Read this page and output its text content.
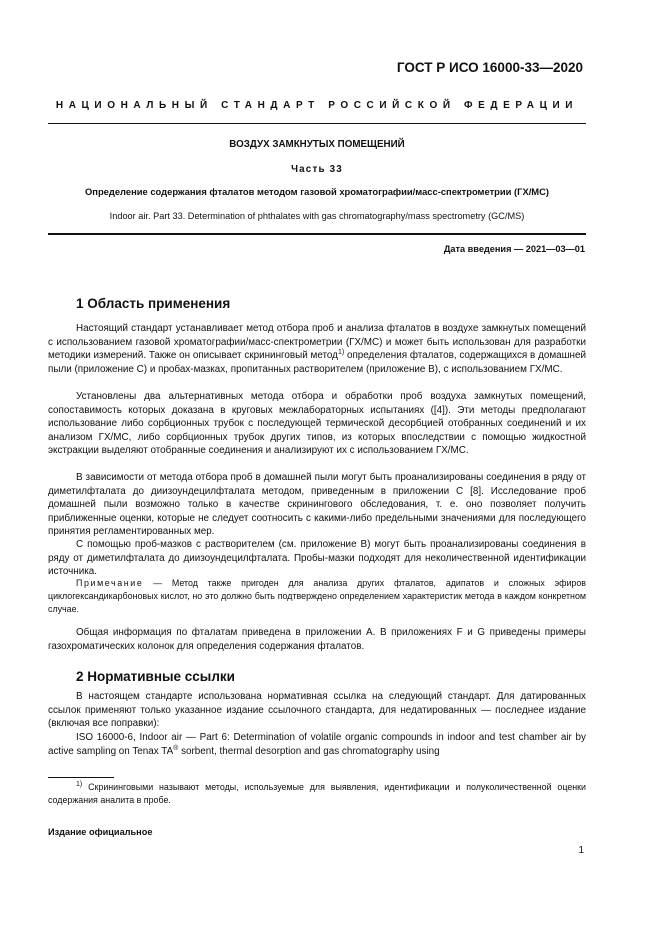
ГОСТ Р ИСО 16000-33—2020
НАЦИОНАЛЬНЫЙ СТАНДАРТ РОССИЙСКОЙ ФЕДЕРАЦИИ
ВОЗДУХ ЗАМКНУТЫХ ПОМЕЩЕНИЙ
Часть 33
Определение содержания фталатов методом газовой хроматографии/масс-спектрометрии (ГХ/МС)
Indoor air. Part 33. Determination of phthalates with gas chromatography/mass spectrometry (GC/MS)
Дата введения — 2021—03—01
1 Область применения

Настоящий стандарт устанавливает метод отбора проб и анализа фталатов в воздухе замкнутых помещений с использованием газовой хроматографии/масс-спектрометрии (ГХ/МС) и может быть использован для разработки методики измерений. Также он описывает скрининговый метод$^{1)}$ определения фталатов, содержащихся в домашней пыли (приложение С) и пробах-мазках, пропитанных растворителем (приложение В), с использованием ГХ/МС.

Установлены два альтернативных метода отбора и обработки проб воздуха замкнутых помещений, сопоставимость которых доказана в круговых межлабораторных испытаниях ([4]). Эти методы предполагают использование либо сорбционных трубок с последующей термической десорбцией отобранных соединений и их анализом ГХ/МС, либо сорбционных трубок других типов, из которых впоследствии с помощью жидкостной экстракции выделяют отобранные соединения и анализируют их с использованием ГХ/МС.

В зависимости от метода отбора проб в домашней пыли могут быть проанализированы соединения в ряду от диметилфталата до диизоундецилфталата методом, приведенным в приложении С [8]. Исследование проб домашней пыли возможно только в качестве скринингового обследования, т. е. оно позволяет получить приближенные оценки, которые не следует соотносить с какими-либо предельными значениями для последующего принятия регламентированных мер.

С помощью проб-мазков с растворителем (см. приложение В) могут быть проанализированы соединения в ряду от диметилфталата до диизоундецилфталата. Пробы-мазки подходят для неколичественной идентификации источника.

Примечание — Метод также пригоден для анализа других фталатов, адипатов и сложных эфиров циклогександикарбоновых кислот, но это должно быть подтверждено определением характеристик метода в каждом конкретном случае.

Общая информация по фталатам приведена в приложении А. В приложениях F и G приведены примеры газохроматических колонок для определения содержания фталатов.

2 Нормативные ссылки

В настоящем стандарте использована нормативная ссылка на следующий стандарт. Для датированных ссылок применяют только указанное издание ссылочного стандарта, для недатированных — последнее издание (включая все поправки):

ISO 16000-6, Indoor air — Part 6: Determination of volatile organic compounds in indoor and test chamber air by active sampling on Tenax TA® sorbent, thermal desorption and gas chromatography using

$^{1)}$ Скрининговыми называют методы, используемые для выявления, идентификации и полуколичественной оценки содержания аналита в пробе.

Издание официальное
1
